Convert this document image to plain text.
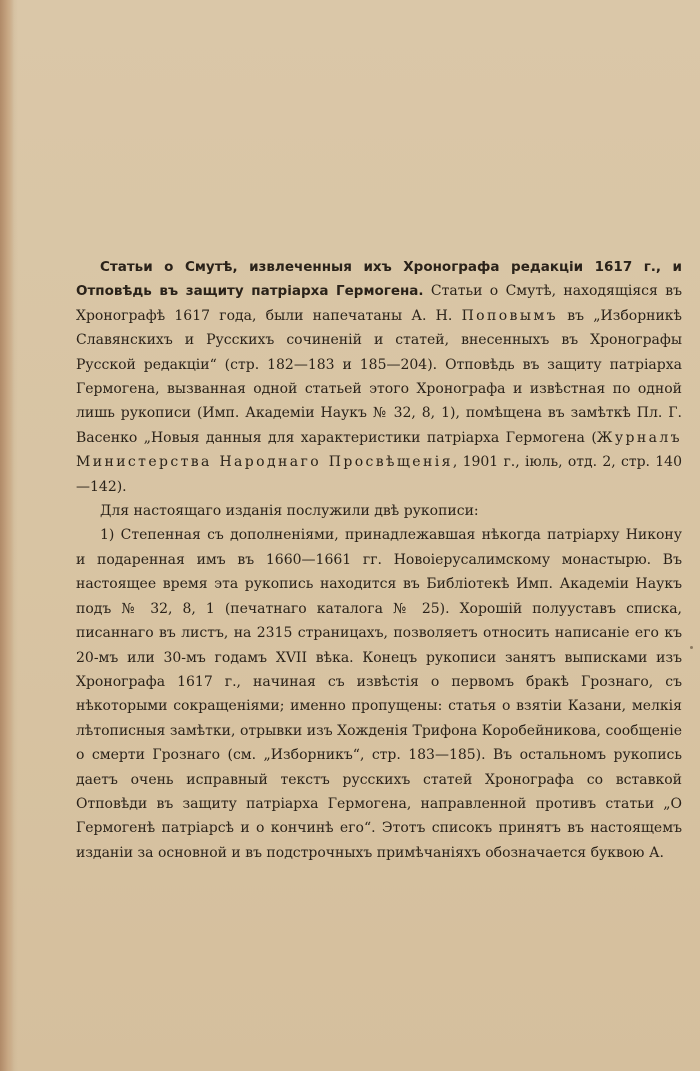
Статьи о Смутѣ, извлеченныя ихъ Хронографа редакціи 1617 г., и Отповѣдь въ защиту патріарха Гермогена. Статьи о Смутѣ, находящіяся въ Хронографѣ 1617 года, были напечатаны А. Н. Поповымъ въ „Изборникѣ Славянскихъ и Русскихъ сочиненій и статей, внесенныхъ въ Хронографы Русской редакціи“ (стр. 182—183 и 185—204). Отповѣдь въ защиту патріарха Гермогена, вызванная одной статьей этого Хронографа и извѣстная по одной лишь рукописи (Имп. Академіи Наукъ № 32, 8, 1), помѣщена въ замѣткѣ Пл. Г. Васенко „Новыя данныя для характеристики патріарха Гермогена (Журналъ Министерства Народнаго Просвѣщенія, 1901 г., іюль, отд. 2, стр. 140—142).

Для настоящаго изданія послужили двѣ рукописи:

1) Степенная съ дополненіями, принадлежавшая нѣкогда патріарху Никону и подаренная имъ въ 1660—1661 гг. Новоіерусалимскому монастырю. Въ настоящее время эта рукопись находится въ Библіотекѣ Имп. Академіи Наукъ подъ № 32, 8, 1 (печатнаго каталога № 25). Хорошій полууставъ списка, писаннаго въ листъ, на 2315 страницахъ, позволяетъ относить написаніе его къ 20-мъ или 30-мъ годамъ XVII вѣка. Конецъ рукописи занятъ выписками изъ Хронографа 1617 г., начиная съ извѣстія о первомъ бракѣ Грознаго, съ нѣкоторыми сокращеніями; именно пропущены: статья о взятіи Казани, мелкія лѣтописныя замѣтки, отрывки изъ Хожденія Трифона Коробейникова, сообщеніе о смерти Грознаго (см. „Изборникъ“, стр. 183—185). Въ остальномъ рукопись даетъ очень исправный текстъ русскихъ статей Хронографа со вставкой Отповѣди въ защиту патріарха Гермогена, направленной противъ статьи „О Гермогенѣ патріарсѣ и о кончинѣ его“. Этотъ списокъ принятъ въ настоящемъ изданіи за основной и въ подстрочныхъ примѣчаніяхъ обозначается буквою А.
